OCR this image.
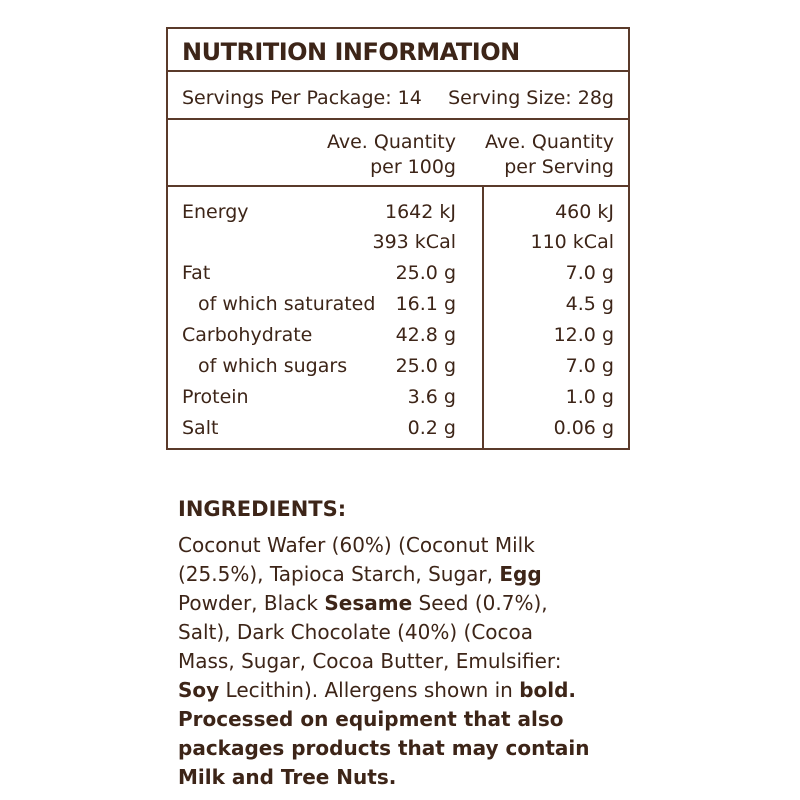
NUTRITION INFORMATION
Servings Per Package: 14 Serving Size: 28g
Ave. Quantity
per 100g
Ave. Quantity
per Serving
Energy	1642 kJ	460 kJ
393 kCal	110 kCal
Fat	25.0 g	7.0 g
of which saturated 16.1 g	4.5 g
Carbohydrate	42.8 g	12.0 g
of which sugars	25.0 g	7.0 g
Protein	3.6 g	1.0 g
Salt	0.2 g	0.06 g
INGREDIENTS:
Coconut Wafer (60%) (Coconut Milk
(25.5%), Tapioca Starch, Sugar, Egg
Powder, Black Sesame Seed (0.7%),
Salt), Dark Chocolate (40%) (Cocoa
Mass, Sugar, Cocoa Butter, Emulsifier:
Soy Lecithin). Allergens shown in bold.
Processed on equipment that also
packages products that may contain
Milk and Tree Nuts.
